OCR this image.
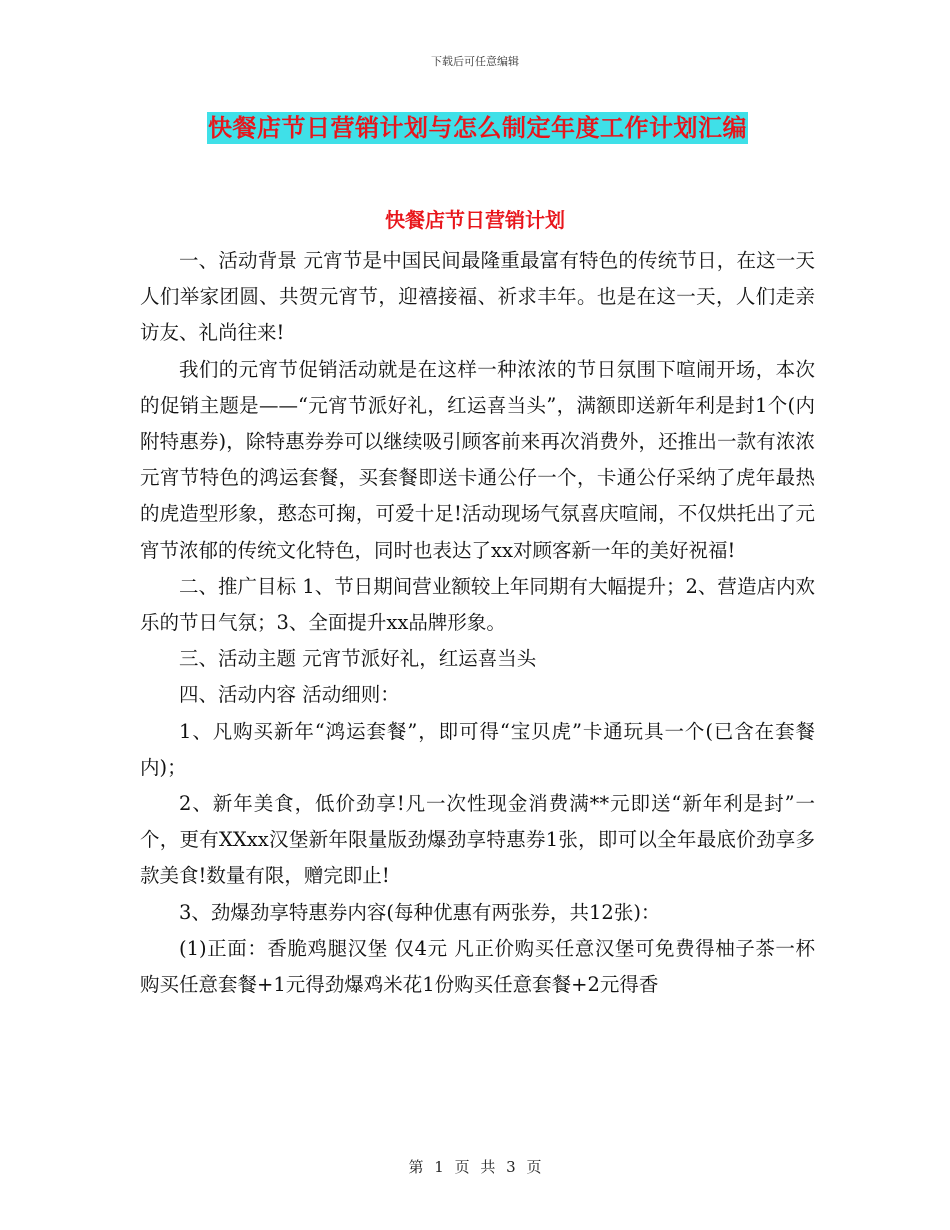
下载后可任意编辑
快餐店节日营销计划与怎么制定年度工作计划汇编
快餐店节日营销计划

一、活动背景 元宵节是中国民间最隆重最富有特色的传统节日，在这一天人们举家团圆、共贺元宵节，迎禧接福、祈求丰年。也是在这一天，人们走亲访友、礼尚往来!

我们的元宵节促销活动就是在这样一种浓浓的节日氛围下喧闹开场，本次的促销主题是——“元宵节派好礼，红运喜当头”，满额即送新年利是封1个(内附特惠券)，除特惠券券可以继续吸引顾客前来再次消费外，还推出一款有浓浓元宵节特色的鸿运套餐，买套餐即送卡通公仔一个，卡通公仔采纳了虎年最热的虎造型形象，憨态可掬，可爱十足!活动现场气氛喜庆喧闹，不仅烘托出了元宵节浓郁的传统文化特色，同时也表达了xx对顾客新一年的美好祝福!

二、推广目标 1、节日期间营业额较上年同期有大幅提升；2、营造店内欢乐的节日气氛；3、全面提升xx品牌形象。

三、活动主题 元宵节派好礼，红运喜当头

四、活动内容 活动细则：

1、凡购买新年“鸿运套餐”，即可得“宝贝虎”卡通玩具一个(已含在套餐内)；

2、新年美食，低价劲享!凡一次性现金消费满**元即送“新年利是封”一个，更有XXxx汉堡新年限量版劲爆劲享特惠券1张，即可以全年最底价劲享多款美食!数量有限，赠完即止!

3、劲爆劲享特惠券内容(每种优惠有两张券，共12张)：

(1)正面：香脆鸡腿汉堡 仅4元 凡正价购买任意汉堡可免费得柚子茶一杯 购买任意套餐+1元得劲爆鸡米花1份购买任意套餐+2元得香

第 1 页 共 3 页
